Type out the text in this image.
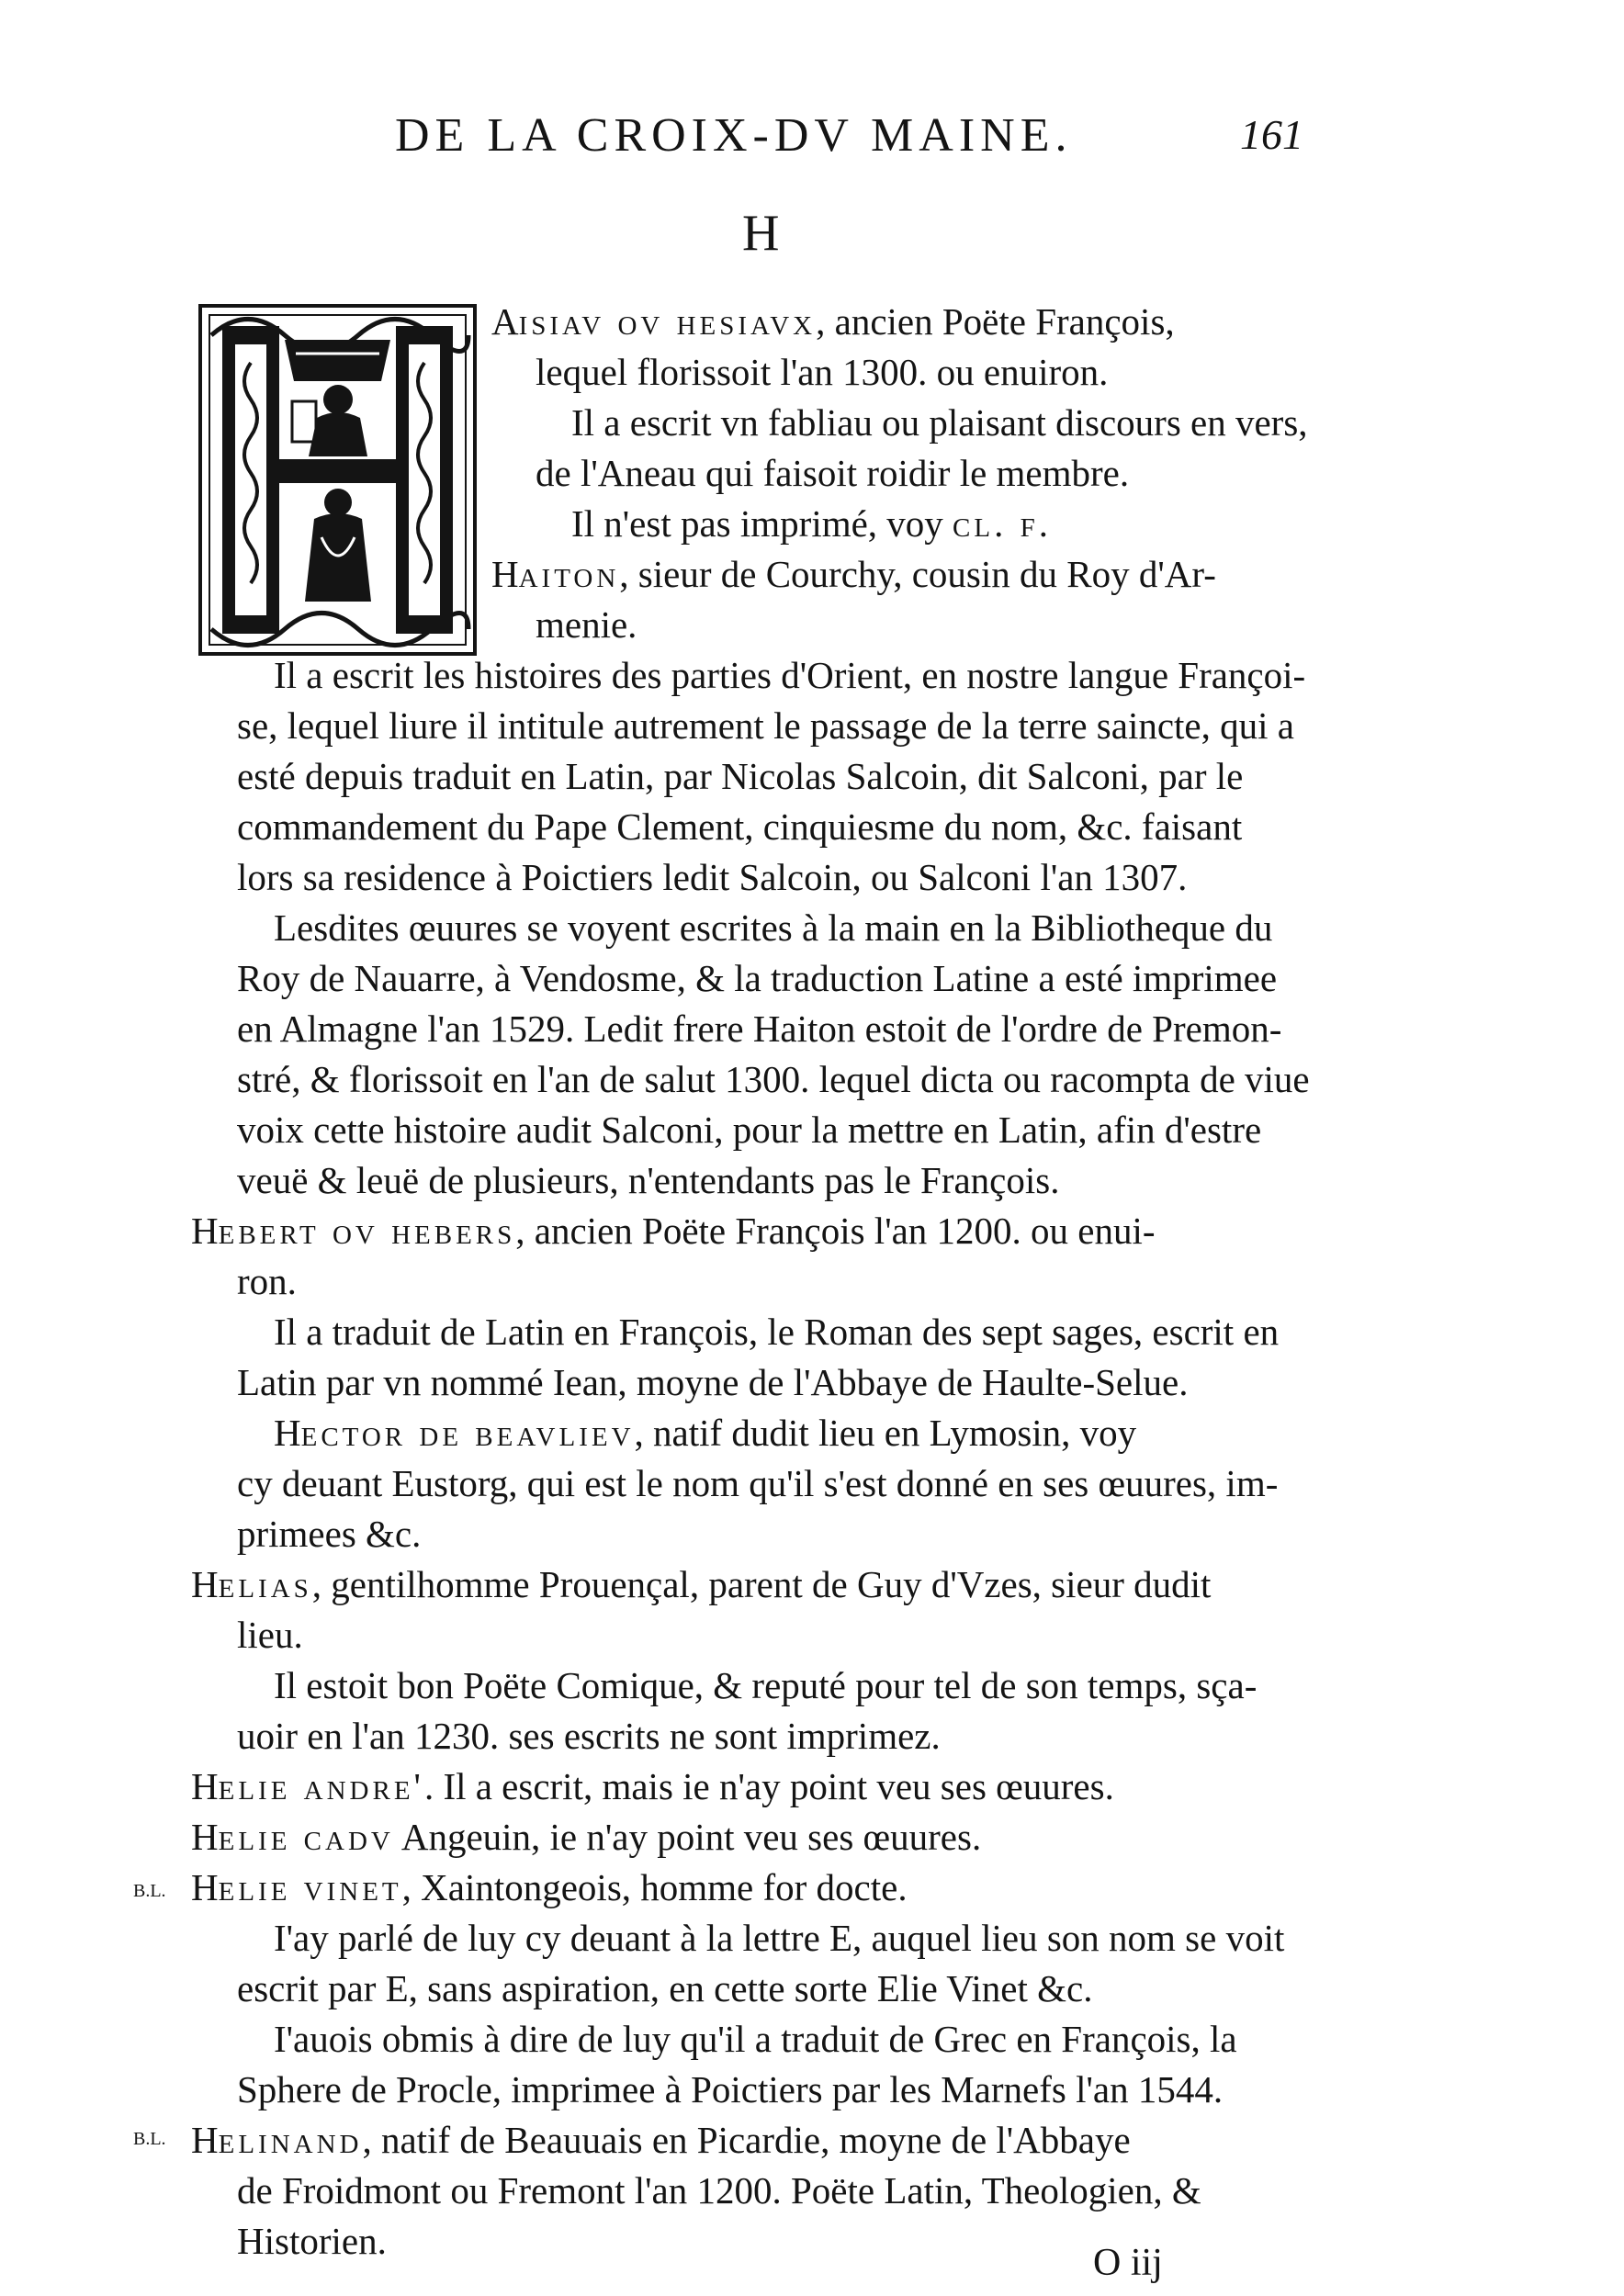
DE LA CROIX-DV MAINE.	161
H
Aisiav ov hesiavx, ancien Poëte François,
lequel florissoit l'an 1300. ou enuiron.
Il a escrit vn fabliau ou plaisant discours en vers,
de l'Aneau qui faisoit roidir le membre.
Il n'est pas imprimé, voy cl. f.
Haiton, sieur de Courchy, cousin du Roy d'Ar-
menie.
Il a escrit les histoires des parties d'Orient, en nostre langue Françoi-
se, lequel liure il intitule autrement le passage de la terre saincte, qui a
esté depuis traduit en Latin, par Nicolas Salcoin, dit Salconi, par le
commandement du Pape Clement, cinquiesme du nom, &c. faisant
lors sa residence à Poictiers ledit Salcoin, ou Salconi l'an 1307.
Lesdites œuures se voyent escrites à la main en la Bibliotheque du
Roy de Nauarre, à Vendosme, & la traduction Latine a esté imprimee
en Almagne l'an 1529. Ledit frere Haiton estoit de l'ordre de Premon-
stré, & florissoit en l'an de salut 1300. lequel dicta ou racompta de viue
voix cette histoire audit Salconi, pour la mettre en Latin, afin d'estre
veuë & leuë de plusieurs, n'entendants pas le François.
Hebert ov hebers, ancien Poëte François l'an 1200. ou enui-
ron.
Il a traduit de Latin en François, le Roman des sept sages, escrit en
Latin par vn nommé Iean, moyne de l'Abbaye de Haulte-Selue.
Hector de beavliev, natif dudit lieu en Lymosin, voy
cy deuant Eustorg, qui est le nom qu'il s'est donné en ses œuures, im-
primees &c.
Helias, gentilhomme Prouençal, parent de Guy d'Vzes, sieur dudit
lieu.
Il estoit bon Poëte Comique, & reputé pour tel de son temps, sça-
uoir en l'an 1230. ses escrits ne sont imprimez.
Helie andre'. Il a escrit, mais ie n'ay point veu ses œuures.
Helie cadv Angeuin, ie n'ay point veu ses œuures.
B.L. Helie vinet, Xaintongeois, homme for docte.
I'ay parlé de luy cy deuant à la lettre E, auquel lieu son nom se voit
escrit par E, sans aspiration, en cette sorte Elie Vinet &c.
I'auois obmis à dire de luy qu'il a traduit de Grec en François, la
Sphere de Procle, imprimee à Poictiers par les Marnefs l'an 1544.
B.L. Helinand, natif de Beauuais en Picardie, moyne de l'Abbaye
de Froidmont ou Fremont l'an 1200. Poëte Latin, Theologien, &
Historien.
O iij
